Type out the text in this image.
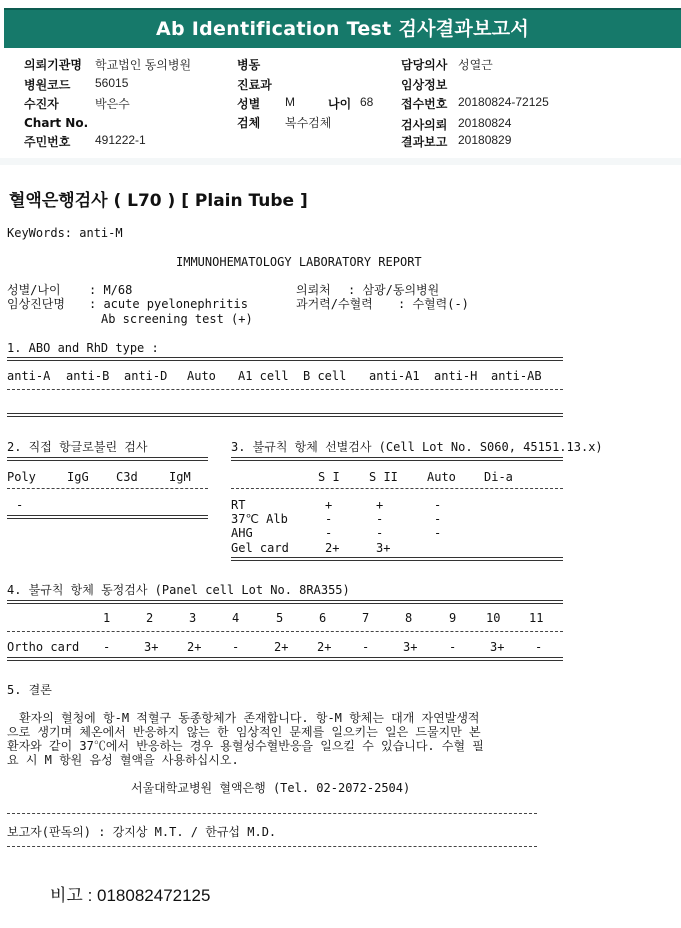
Ab Identification Test 검사결과보고서
의뢰기관명 학교법인 동의병원
병원코드 56015
수진자	박은수
Chart No.
주민번호 491222-1
병동
진료과
성별 M	나이 68
검체 복수검체
담당의사 성열근
임상정보
접수번호 20180824-72125
검사의뢰 20180824
결과보고 20180829
혈액은행검사 ( L70 ) [ Plain Tube ]
KeyWords: anti-M
IMMUNOHEMATOLOGY LABORATORY REPORT
성별/나이 : M/68	의뢰처 : 삼광/동의병원
임상진단명 : acute pyelonephritis	과거력/수혈력 : 수혈력(-)
Ab screening test (+)
1. ABO and RhD type :
anti-A anti-B anti-D Auto A1 cell B cell anti-A1 anti-H anti-AB
2. 직접 항글로불린 검사
Poly	IgG C3d	IgM
-
3. 불규칙 항체 선별검사 (Cell Lot No. S060, 45151.13.x)
S I S II Auto Di-a
RT	+	+	-
37℃ Alb	-	-	-
AHG	-	-	-
Gel card	2+	3+
4. 불규칙 항체 동정검사 (Panel cell Lot No. 8RA355)
1	2	3	4	5	6	7	8	9 10 11
Ortho card -	3+ 2+	-	2+ 2+	-	3+	-	3+	-
5. 결론
환자의 혈청에 항-M 적혈구 동종항체가 존재합니다. 항-M 항체는 대개 자연발생적
으로 생기며 체온에서 반응하지 않는 한 임상적인 문제를 일으키는 일은 드물지만 본
환자와 같이 37℃에서 반응하는 경우 용혈성수혈반응을 일으킬 수 있습니다. 수혈 필
요 시 M 항원 음성 혈액을 사용하십시오.
서울대학교병원 혈액은행 (Tel. 02-2072-2504)
보고자(판독의) : 강지상 M.T. / 한규섭 M.D.
비고 : 018082472125
